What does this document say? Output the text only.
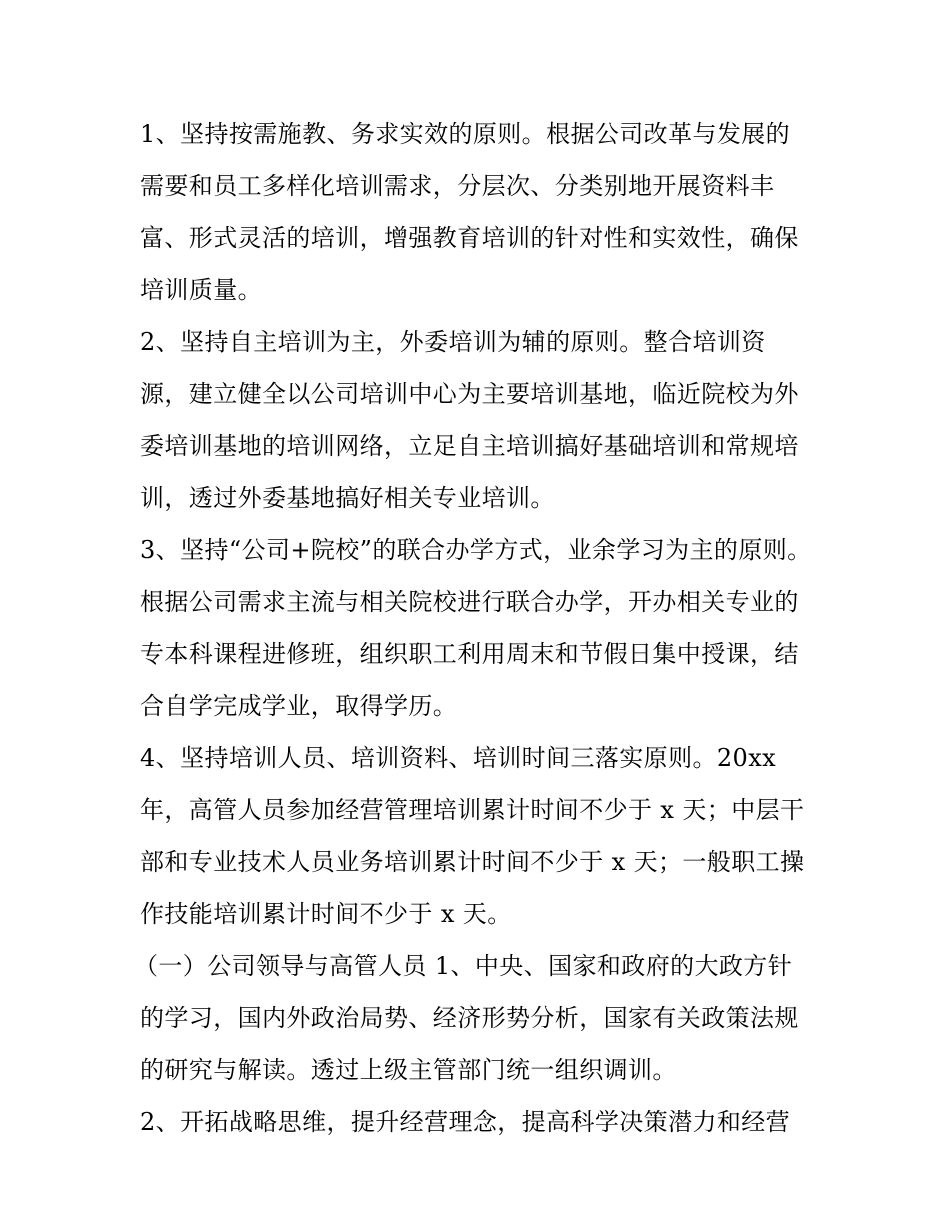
1、坚持按需施教、务求实效的原则。根据公司改革与发展的
需要和员工多样化培训需求，分层次、分类别地开展资料丰
富、形式灵活的培训，增强教育培训的针对性和实效性，确保
培训质量。
2、坚持自主培训为主，外委培训为辅的原则。整合培训资
源，建立健全以公司培训中心为主要培训基地，临近院校为外
委培训基地的培训网络，立足自主培训搞好基础培训和常规培
训，透过外委基地搞好相关专业培训。
3、坚持“公司+院校”的联合办学方式，业余学习为主的原则。
根据公司需求主流与相关院校进行联合办学，开办相关专业的
专本科课程进修班，组织职工利用周末和节假日集中授课，结
合自学完成学业，取得学历。
4、坚持培训人员、培训资料、培训时间三落实原则。20xx
年，高管人员参加经营管理培训累计时间不少于 x 天；中层干
部和专业技术人员业务培训累计时间不少于 x 天；一般职工操
作技能培训累计时间不少于 x 天。
（一）公司领导与高管人员 1、中央、国家和政府的大政方针
的学习，国内外政治局势、经济形势分析，国家有关政策法规
的研究与解读。透过上级主管部门统一组织调训。
2、开拓战略思维，提升经营理念，提高科学决策潜力和经营
